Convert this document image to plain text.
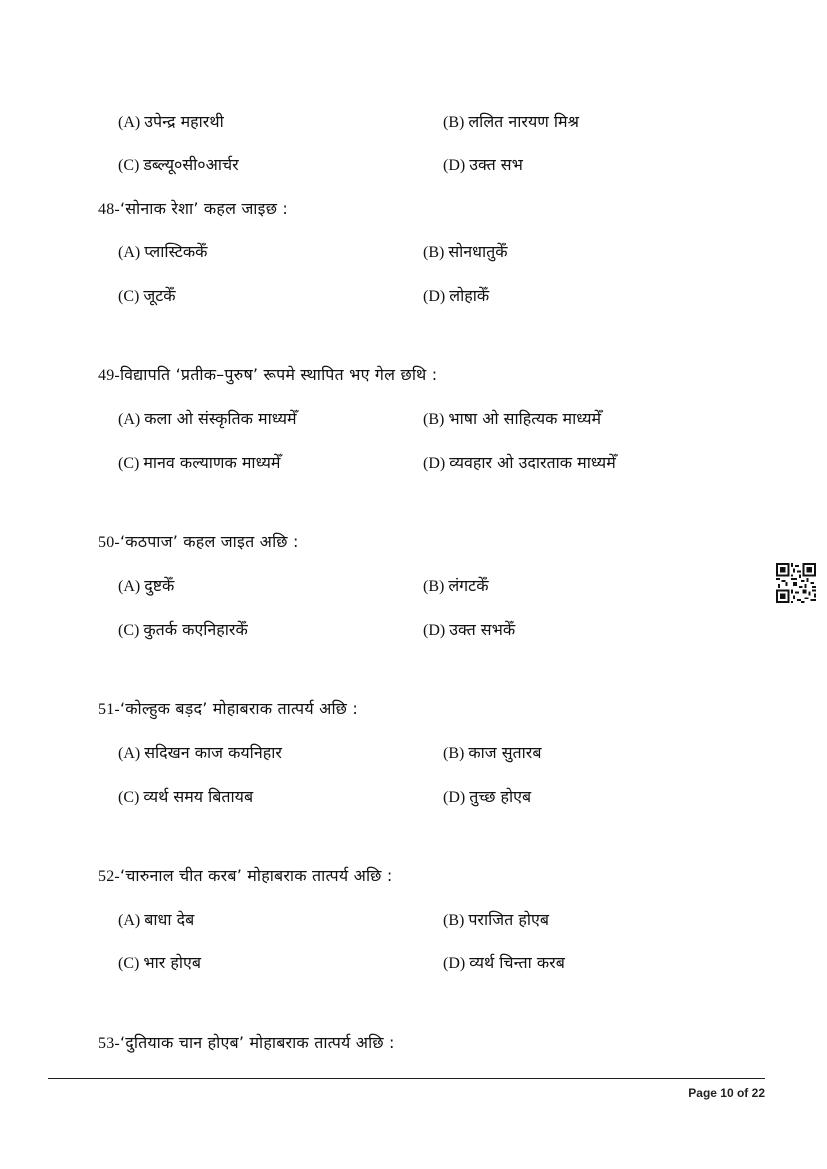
(A) उपेन्द्र महारथी	(B) ललित नारयण मिश्र
(C) डब्ल्यू०सी०आर्चर	(D) उक्त सभ
48-‘सोनाक रेशा’ कहल जाइछ :
(A) प्लास्टिककेँ	(B) सोनधातुकेँ
(C) जूटकेँ	(D) लोहाकेँ
49-विद्यापति ‘प्रतीक–पुरुष’ रूपमे स्थापित भए गेल छथि :
(A) कला ओ संस्कृतिक माध्यमेँ	(B) भाषा ओ साहित्यक माध्यमेँ
(C) मानव कल्याणक माध्यमेँ	(D) व्यवहार ओ उदारताक माध्यमेँ
50-‘कठपाज’ कहल जाइत अछि :
(A) दुष्टकेँ	(B) लंगटकेँ
(C) कुतर्क कएनिहारकेँ	(D) उक्त सभकेँ
51-‘कोल्हुक बड़द’ मोहाबराक तात्पर्य अछि :
(A) सदिखन काज कयनिहार	(B) काज सुतारब
(C) व्यर्थ समय बितायब	(D) तुच्छ होएब
52-‘चारुनाल चीत करब’ मोहाबराक तात्पर्य अछि :
(A) बाधा देब	(B) पराजित होएब
(C) भार होएब	(D) व्यर्थ चिन्ता करब
53-‘दुतियाक चान होएब’ मोहाबराक तात्पर्य अछि :
Page 10 of 22
